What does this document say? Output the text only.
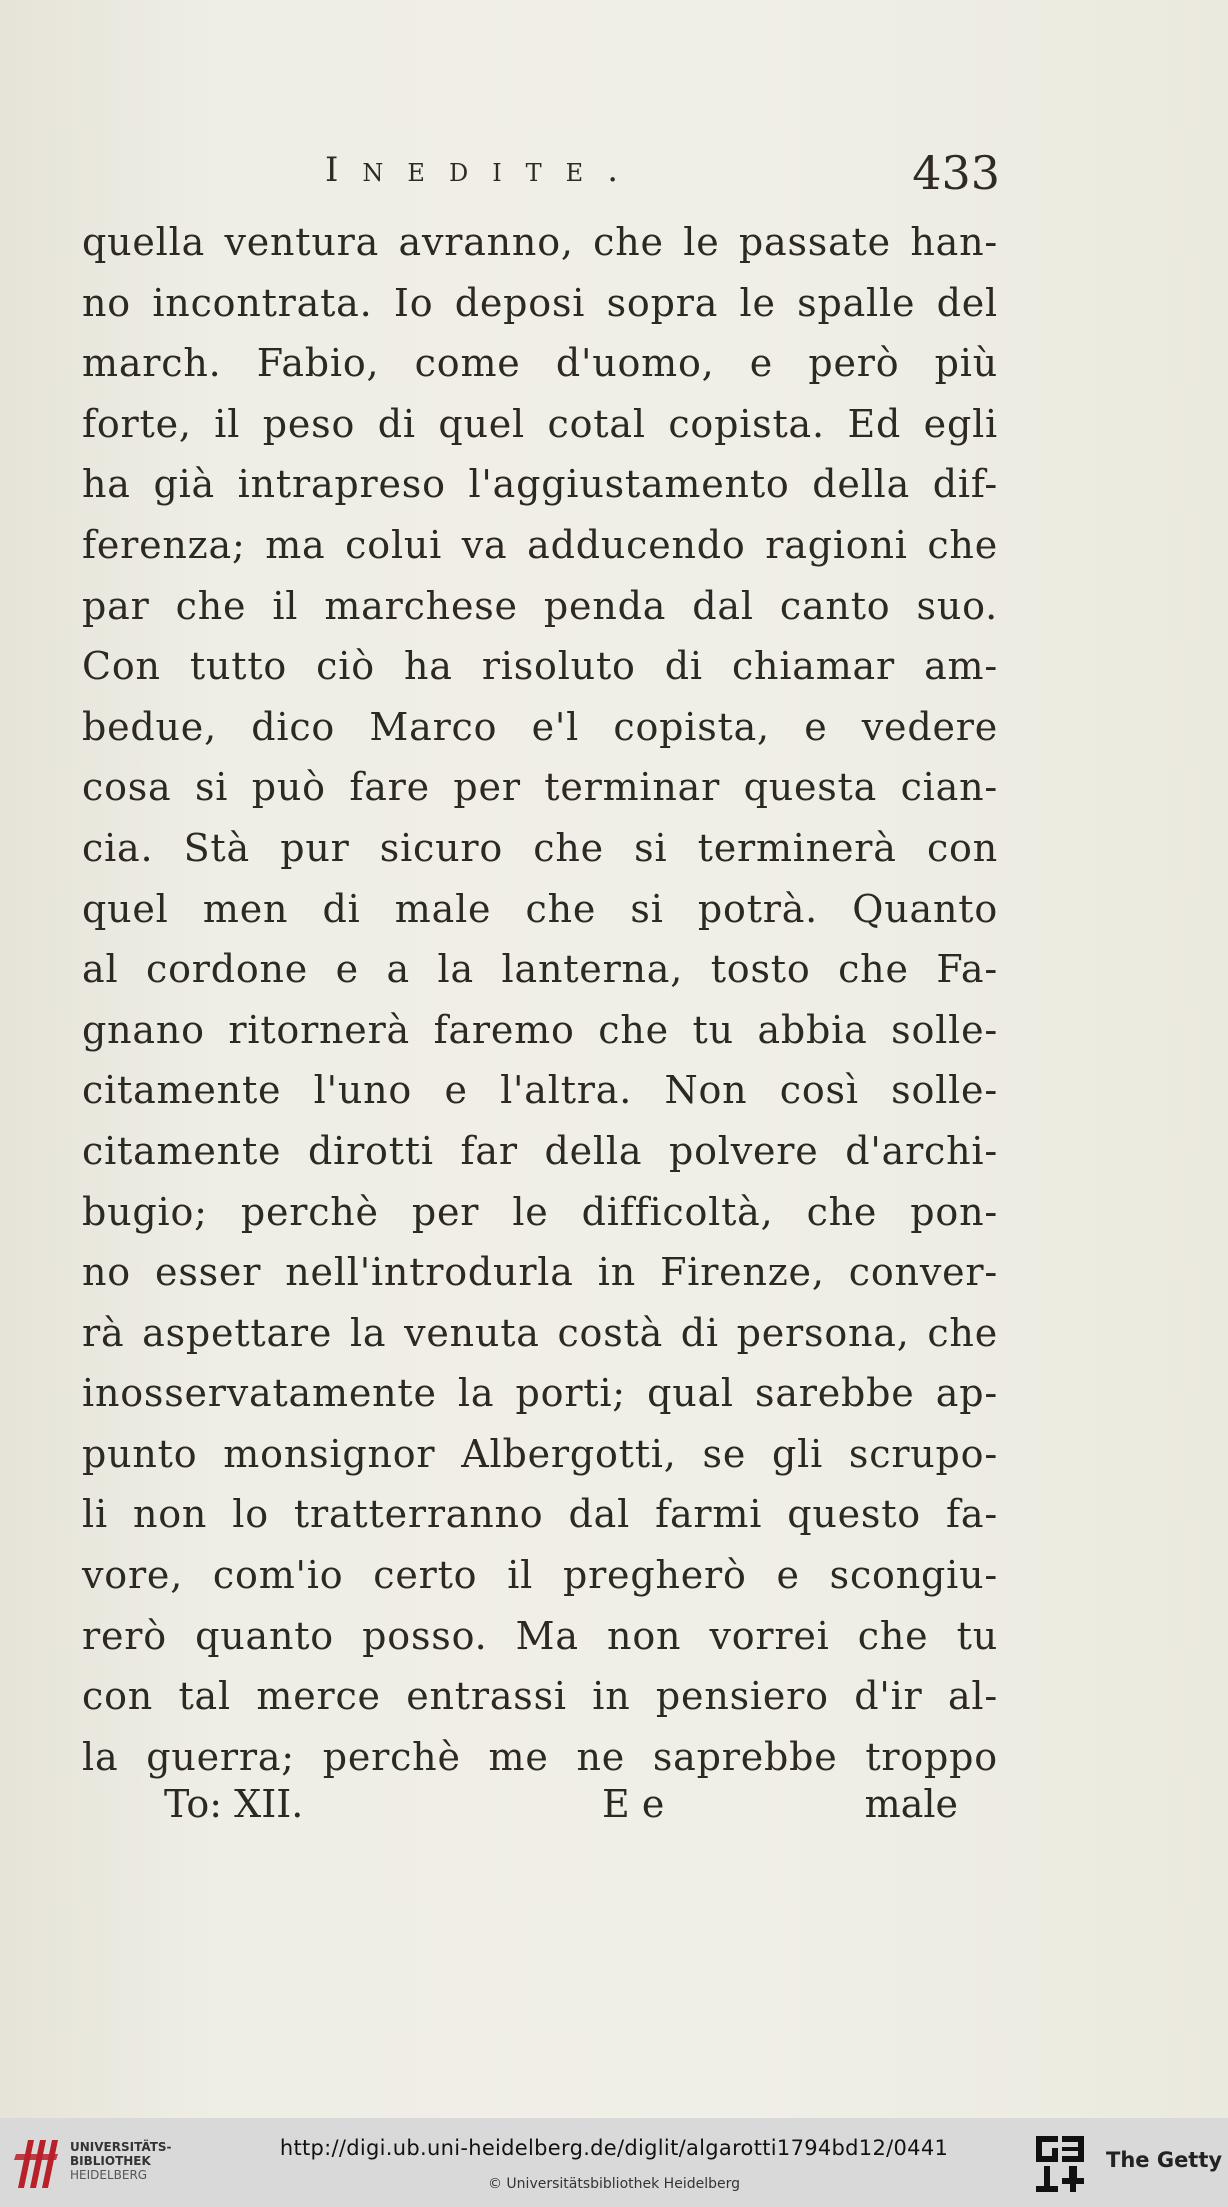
Inedite.	433
quella ventura avranno, che le passate han-
no incontrata. Io deposi sopra le spalle del
march. Fabio, come d'uomo, e però più
forte, il peso di quel cotal copista. Ed egli
ha già intrapreso l'aggiustamento della dif-
ferenza; ma colui va adducendo ragioni che
par che il marchese penda dal canto suo.
Con tutto ciò ha risoluto di chiamar am-
bedue, dico Marco e'l copista, e vedere
cosa si può fare per terminar questa cian-
cia. Stà pur sicuro che si terminerà con
quel men di male che si potrà. Quanto
al cordone e a la lanterna, tosto che Fa-
gnano ritornerà faremo che tu abbia solle-
citamente l'uno e l'altra. Non così solle-
citamente dirotti far della polvere d'archi-
bugio; perchè per le difficoltà, che pon-
no esser nell'introdurla in Firenze, conver-
rà aspettare la venuta costà di persona, che
inosservatamente la porti; qual sarebbe ap-
punto monsignor Albergotti, se gli scrupo-
li non lo tratterranno dal farmi questo fa-
vore, com'io certo il pregherò e scongiu-
rerò quanto posso. Ma non vorrei che tu
con tal merce entrassi in pensiero d'ir al-
la guerra; perchè me ne saprebbe troppo
To: XII.	E e	male
UNIVERSITÄTS-
BIBLIOTHEK
HEIDELBERG
http://digi.ub.uni-heidelberg.de/diglit/algarotti1794bd12/0441
© Universitätsbibliothek Heidelberg
The Getty
